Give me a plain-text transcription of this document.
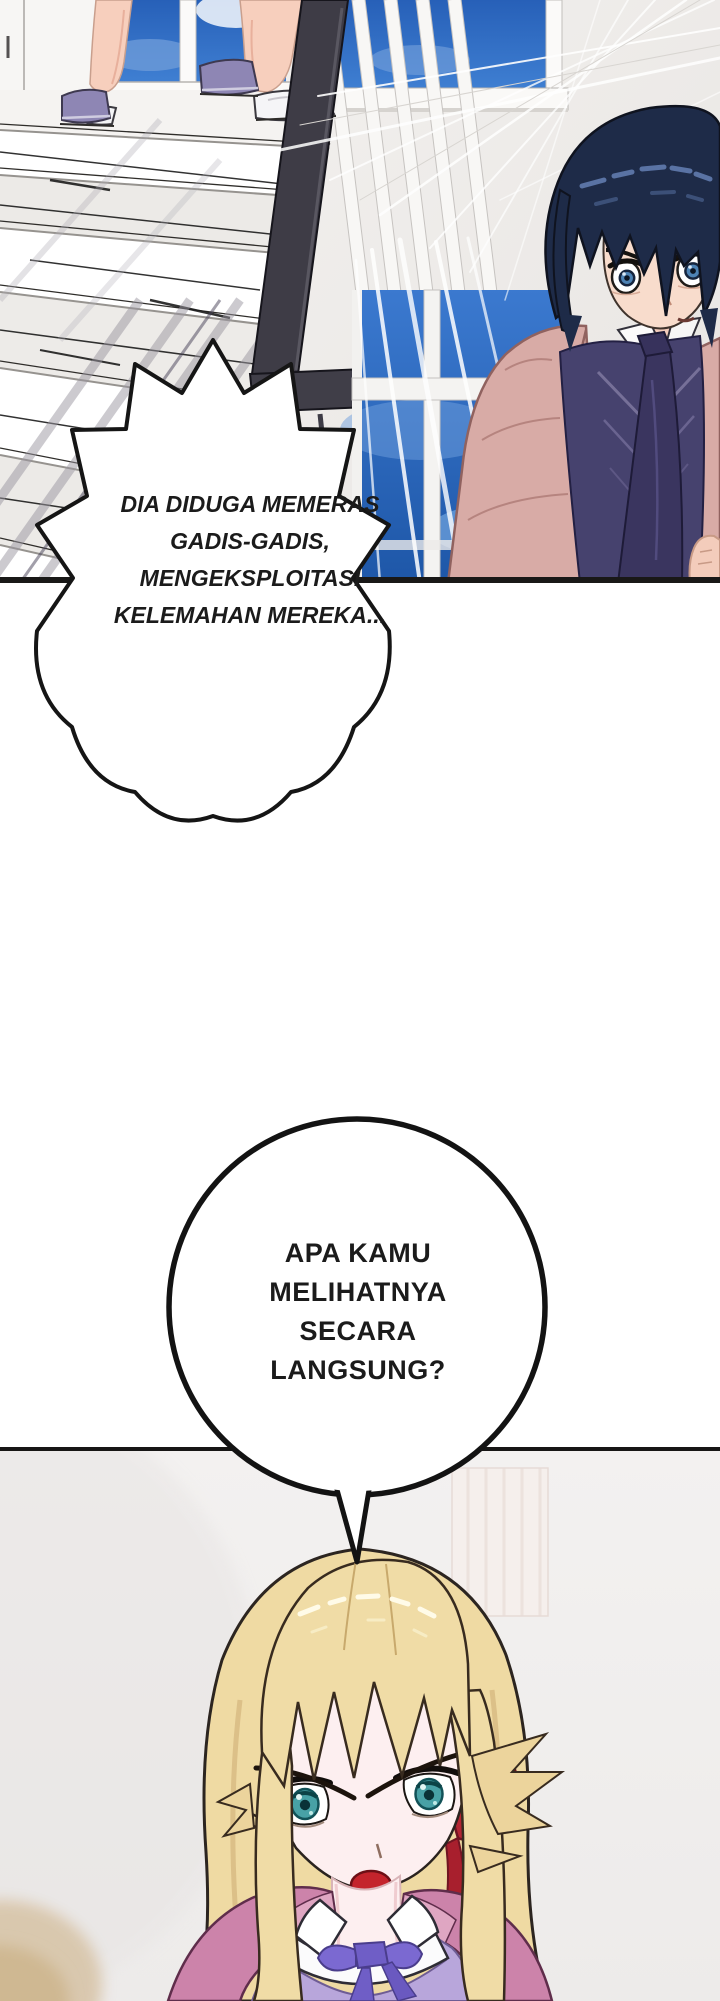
DIA DIDUGA MEMERAS
GADIS-GADIS,
MENGEKSPLOITASI
KELEMAHAN MEREKA...
APA KAMU
MELIHATNYA
SECARA
LANGSUNG?
